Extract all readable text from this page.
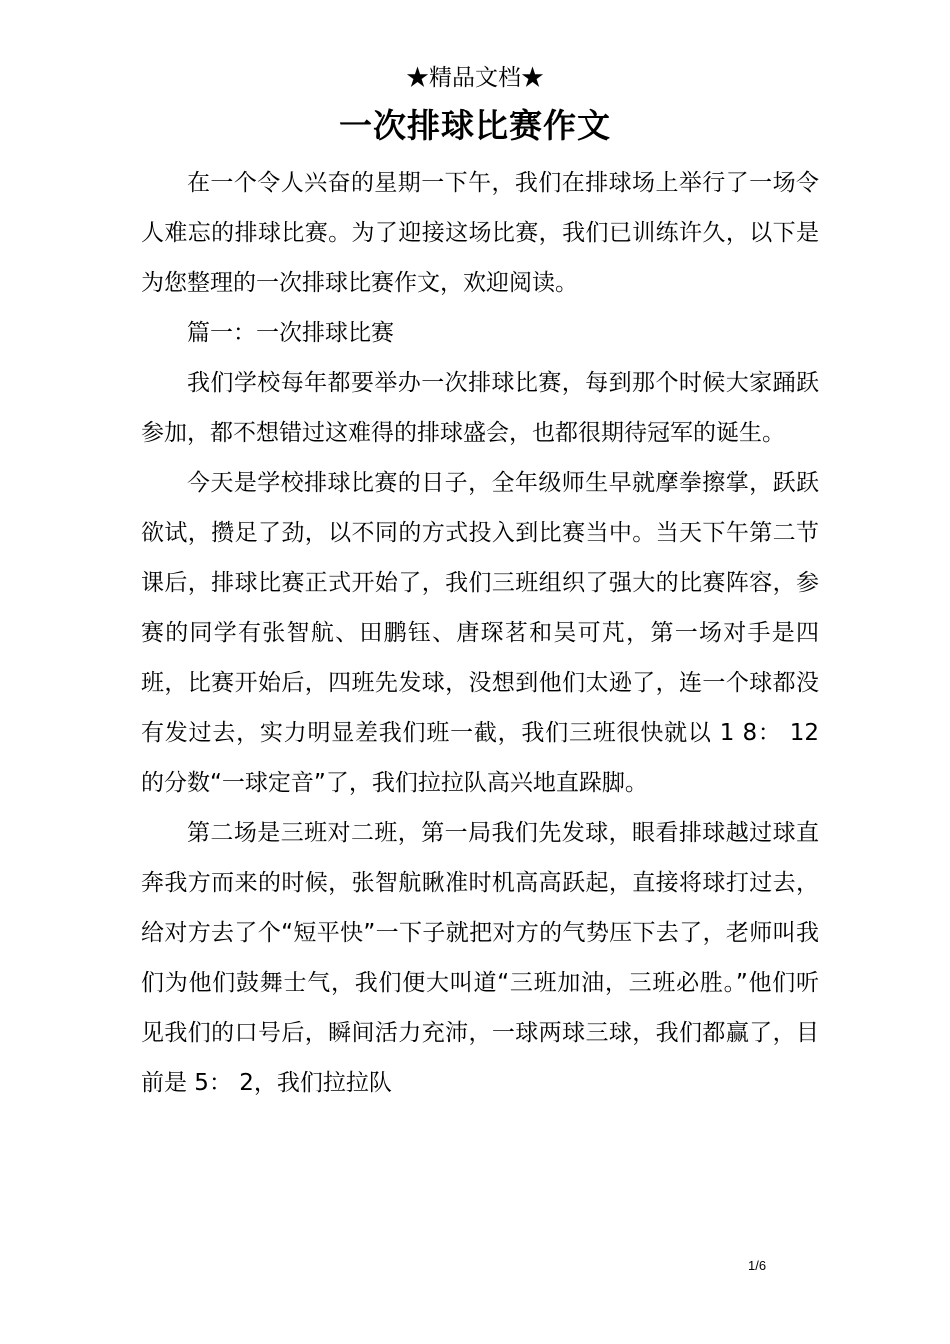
★精品文档★
一次排球比赛作文

在一个令人兴奋的星期一下午，我们在排球场上举行了一场令人难忘的排球比赛。为了迎接这场比赛，我们已训练许久，以下是为您整理的一次排球比赛作文，欢迎阅读。

篇一：一次排球比赛

我们学校每年都要举办一次排球比赛，每到那个时候大家踊跃参加，都不想错过这难得的排球盛会，也都很期待冠军的诞生。

今天是学校排球比赛的日子，全年级师生早就摩拳擦掌，跃跃欲试，攒足了劲，以不同的方式投入到比赛当中。当天下午第二节课后，排球比赛正式开始了，我们三班组织了强大的比赛阵容，参赛的同学有张智航、田鹏钰、唐琛茗和吴可芃，第一场对手是四班，比赛开始后，四班先发球，没想到他们太逊了，连一个球都没有发过去，实力明显差我们班一截，我们三班很快就以 1 8： 12 的分数“一球定音”了，我们拉拉队高兴地直跺脚。

第二场是三班对二班，第一局我们先发球，眼看排球越过球直奔我方而来的时候，张智航瞅准时机高高跃起，直接将球打过去，给对方去了个“短平快”一下子就把对方的气势压下去了，老师叫我们为他们鼓舞士气，我们便大叫道“三班加油，三班必胜。”他们听见我们的口号后，瞬间活力充沛，一球两球三球，我们都赢了，目前是 5： 2，我们拉拉队

1/6
